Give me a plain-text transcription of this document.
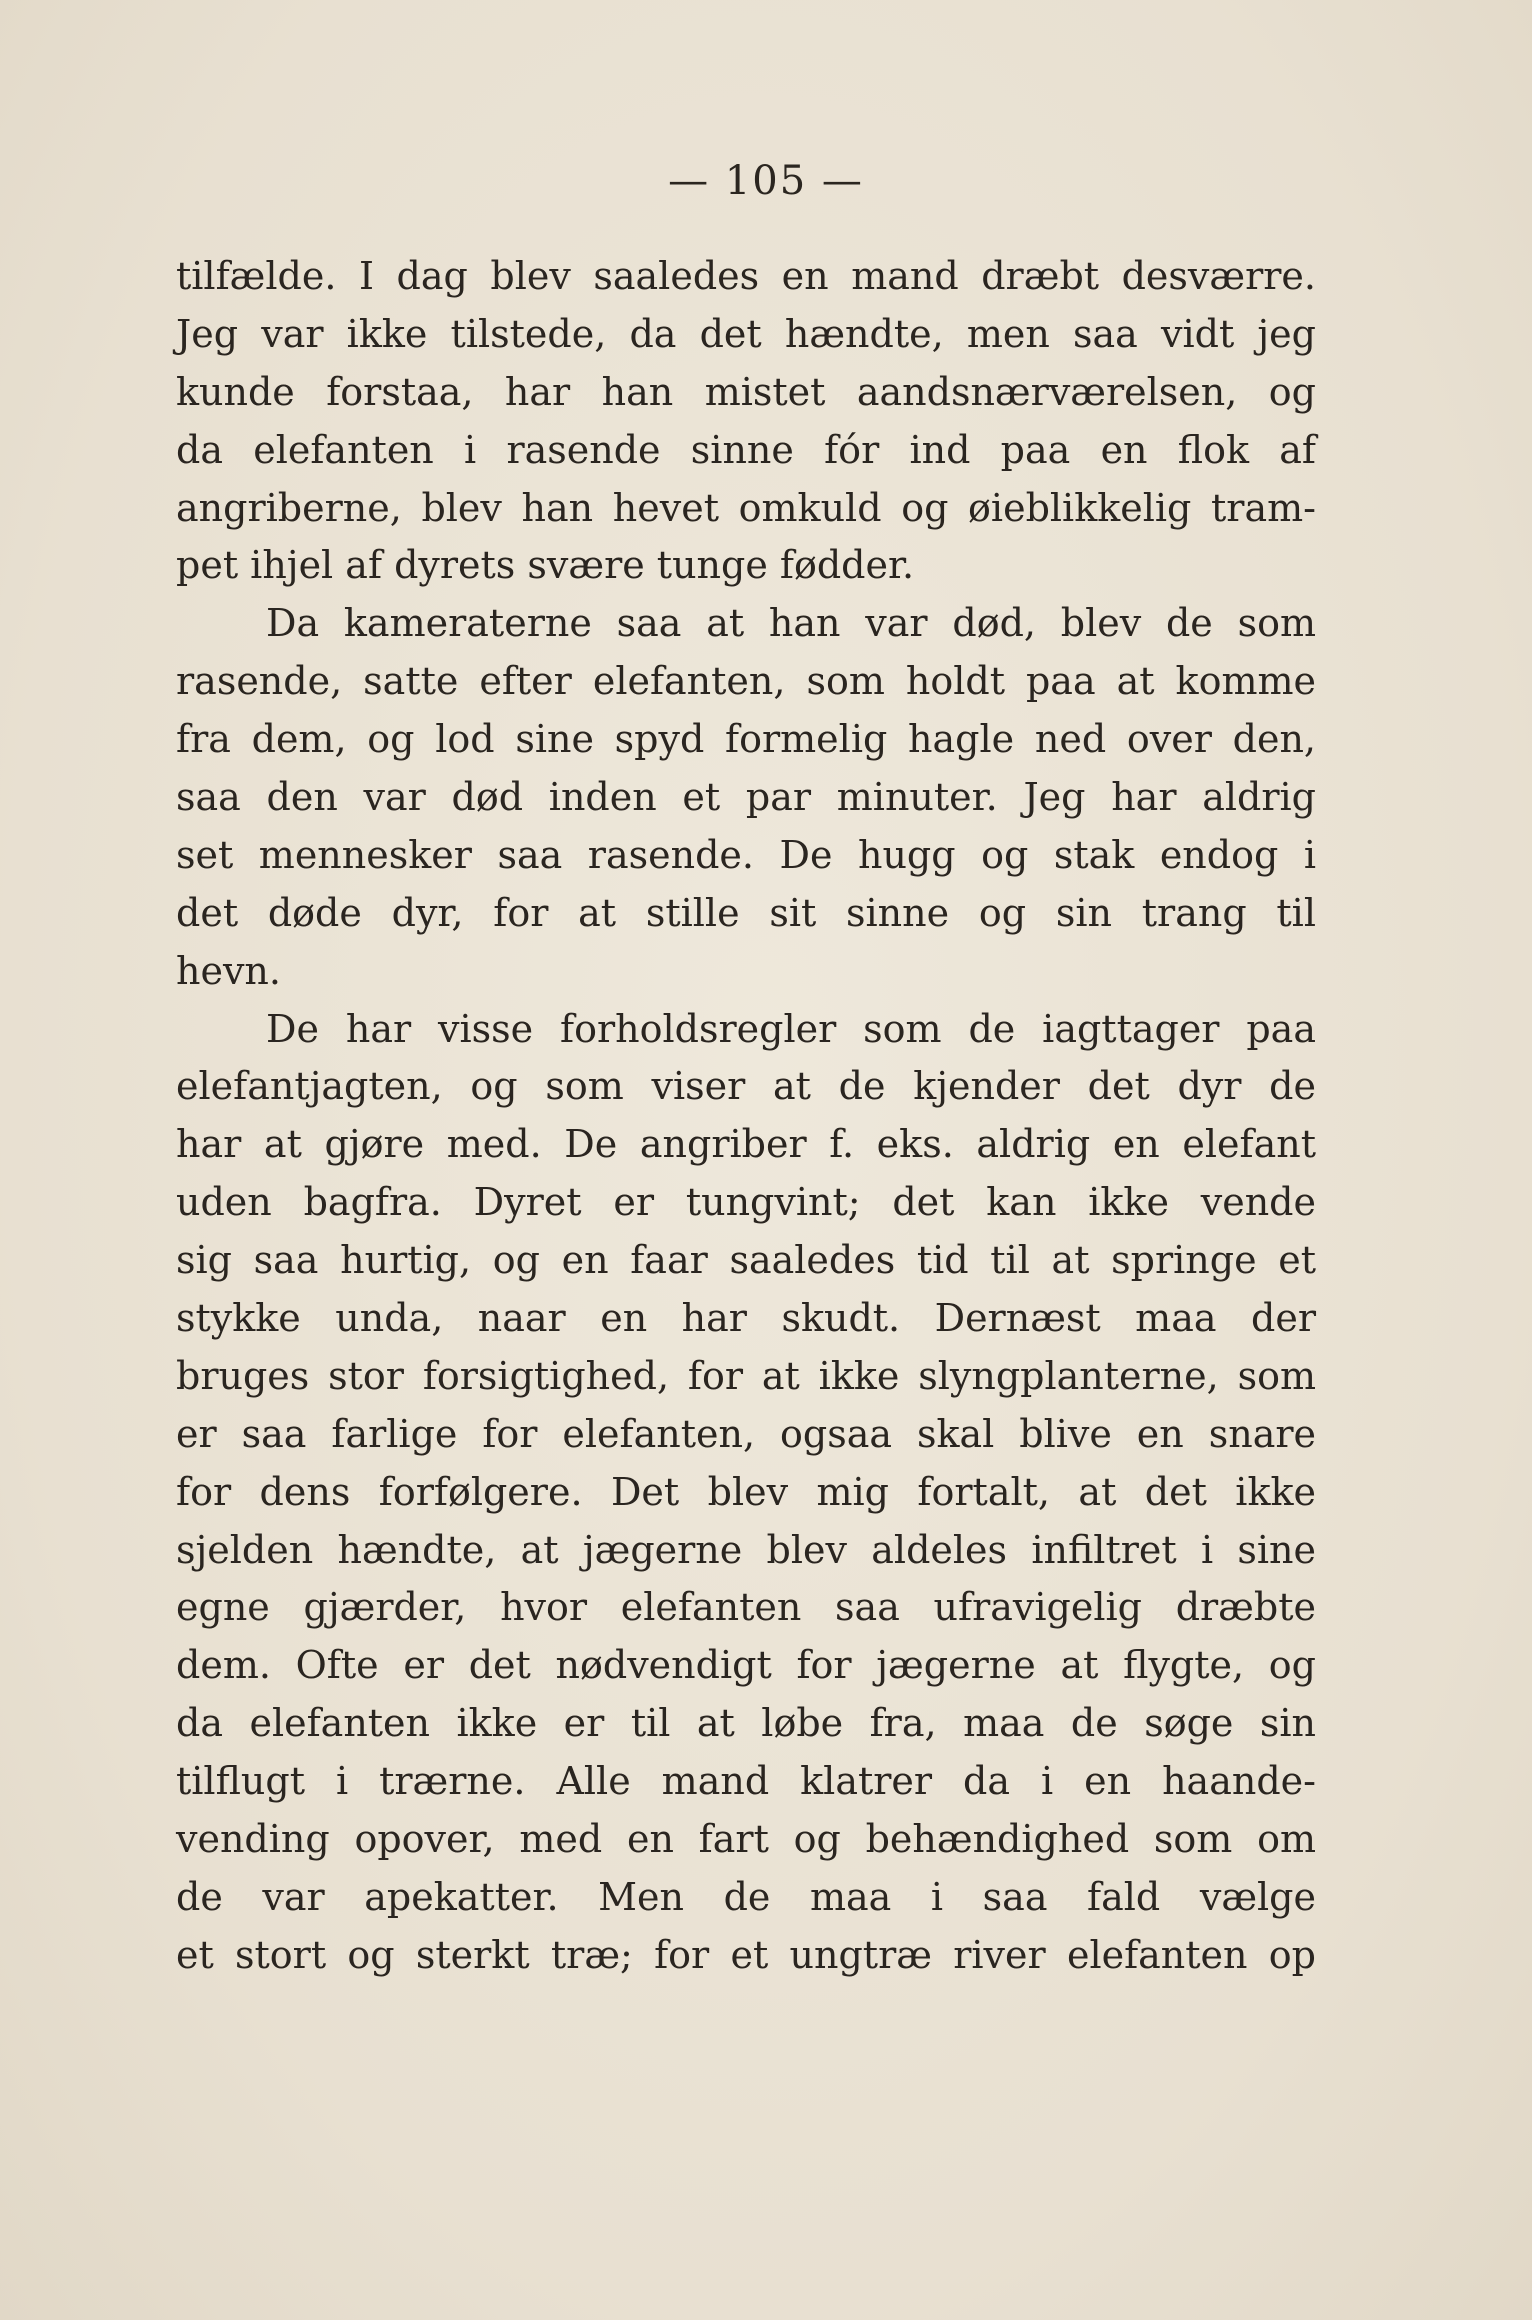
— 105 —
tilfælde. I dag blev saaledes en mand dræbt desværre.
Jeg var ikke tilstede, da det hændte, men saa vidt jeg
kunde forstaa, har han mistet aandsnærværelsen, og
da elefanten i rasende sinne fór ind paa en flok af
angriberne, blev han hevet omkuld og øieblikkelig tram-
pet ihjel af dyrets svære tunge fødder.
Da kameraterne saa at han var død, blev de som
rasende, satte efter elefanten, som holdt paa at komme
fra dem, og lod sine spyd formelig hagle ned over den,
saa den var død inden et par minuter. Jeg har aldrig
set mennesker saa rasende. De hugg og stak endog i
det døde dyr, for at stille sit sinne og sin trang til
hevn.
De har visse forholdsregler som de iagttager paa
elefantjagten, og som viser at de kjender det dyr de
har at gjøre med. De angriber f. eks. aldrig en elefant
uden bagfra. Dyret er tungvint; det kan ikke vende
sig saa hurtig, og en faar saaledes tid til at springe et
stykke unda, naar en har skudt. Dernæst maa der
bruges stor forsigtighed, for at ikke slyngplanterne, som
er saa farlige for elefanten, ogsaa skal blive en snare
for dens forfølgere. Det blev mig fortalt, at det ikke
sjelden hændte, at jægerne blev aldeles infiltret i sine
egne gjærder, hvor elefanten saa ufravigelig dræbte
dem. Ofte er det nødvendigt for jægerne at flygte, og
da elefanten ikke er til at løbe fra, maa de søge sin
tilflugt i trærne. Alle mand klatrer da i en haande-
vending opover, med en fart og behændighed som om
de var apekatter. Men de maa i saa fald vælge
et stort og sterkt træ; for et ungtræ river elefanten op
